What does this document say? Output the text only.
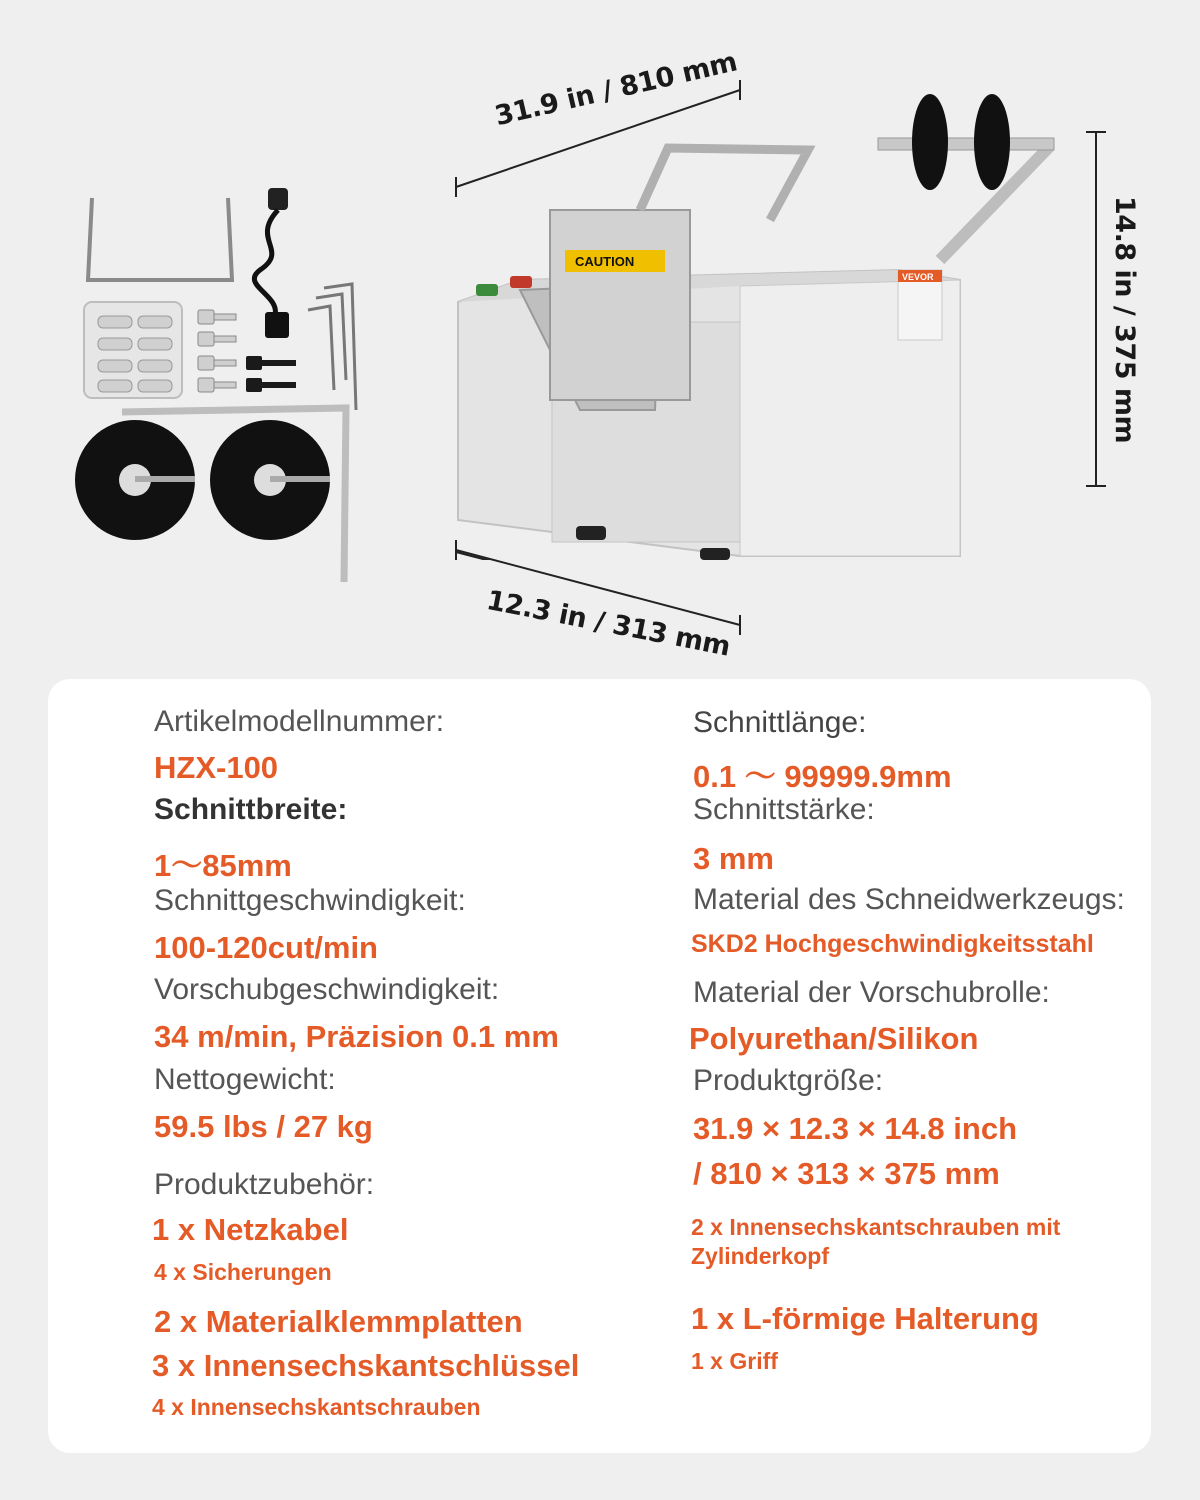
CAUTION
VEVOR
31.9 in / 810 mm
12.3 in / 313 mm
14.8 in / 375 mm
Artikelmodellnummer:
HZX-100
Schnittbreite:
1～85mm
Schnittgeschwindigkeit:
100-120cut/min
Vorschubgeschwindigkeit:
34 m/min, Präzision 0.1 mm
Nettogewicht:
59.5 lbs / 27 kg
Produktzubehör:
1 x Netzkabel
4 x Sicherungen
2 x Materialklemmplatten
3 x Innensechskantschlüssel
4 x Innensechskantschrauben
Schnittlänge:
0.1 ～ 99999.9mm
Schnittstärke:
3 mm
Material des Schneidwerkzeugs:
SKD2 Hochgeschwindigkeitsstahl
Material der Vorschubrolle:
Polyurethan/Silikon
Produktgröße:
31.9 × 12.3 × 14.8 inch
/ 810 × 313 × 375 mm
2 x Innensechskantschrauben mit
Zylinderkopf
1 x L-förmige Halterung
1 x Griff
